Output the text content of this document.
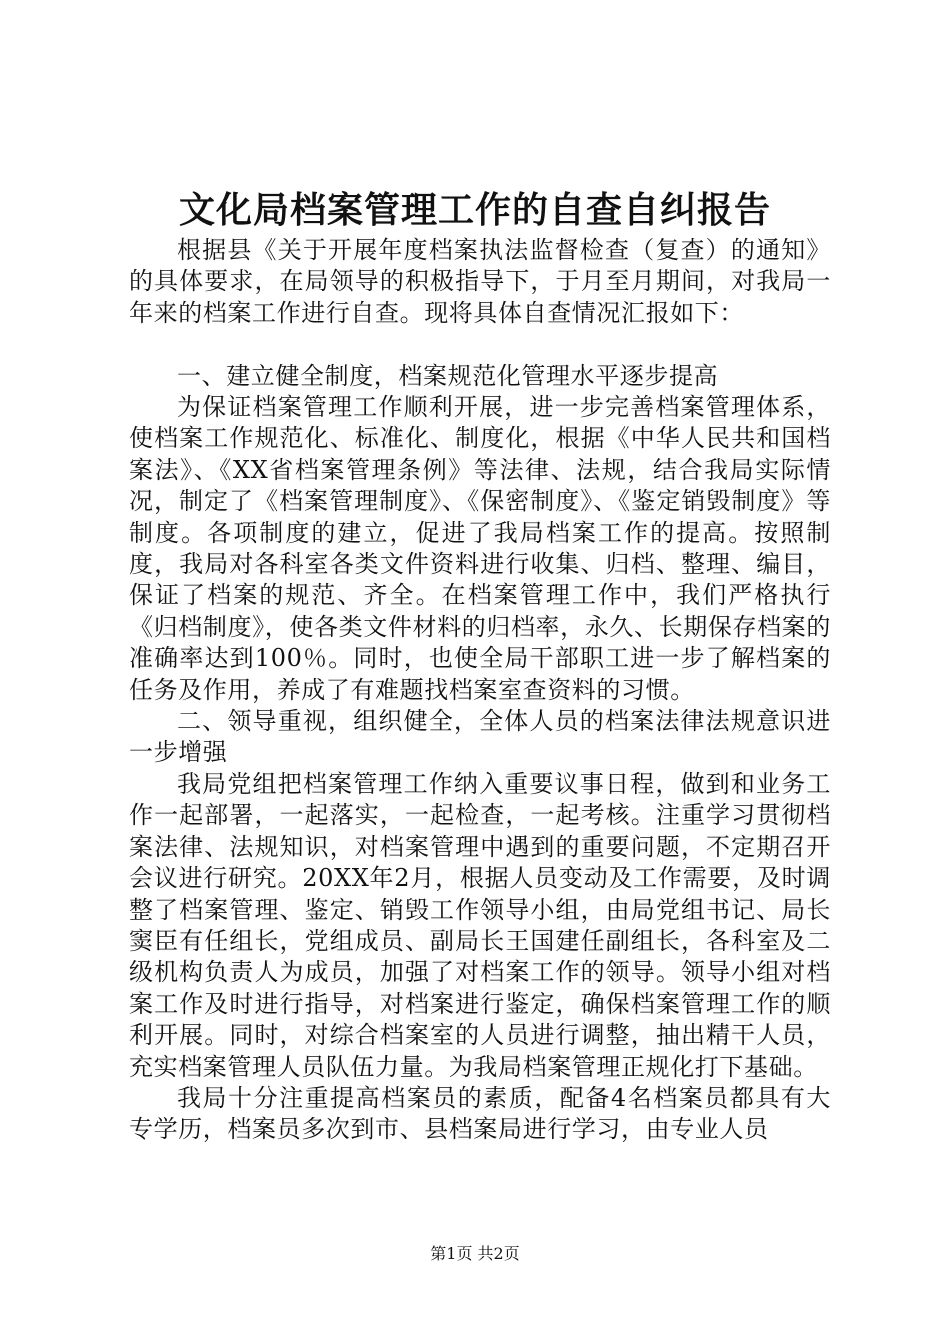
文化局档案管理工作的自查自纠报告

根据县《关于开展年度档案执法监督检查（复查）的通知》的具体要求，在局领导的积极指导下，于月至月期间，对我局一年来的档案工作进行自查。现将具体自查情况汇报如下：

一、建立健全制度，档案规范化管理水平逐步提高

为保证档案管理工作顺利开展，进一步完善档案管理体系，使档案工作规范化、标准化、制度化，根据《中华人民共和国档案法》、《XX省档案管理条例》等法律、法规，结合我局实际情况，制定了《档案管理制度》、《保密制度》、《鉴定销毁制度》等制度。各项制度的建立，促进了我局档案工作的提高。按照制度，我局对各科室各类文件资料进行收集、归档、整理、编目，保证了档案的规范、齐全。在档案管理工作中，我们严格执行《归档制度》，使各类文件材料的归档率，永久、长期保存档案的准确率达到100％。同时，也使全局干部职工进一步了解档案的任务及作用，养成了有难题找档案室查资料的习惯。

二、领导重视，组织健全，全体人员的档案法律法规意识进一步增强

我局党组把档案管理工作纳入重要议事日程，做到和业务工作一起部署，一起落实，一起检查，一起考核。注重学习贯彻档案法律、法规知识，对档案管理中遇到的重要问题，不定期召开会议进行研究。20XX年2月，根据人员变动及工作需要，及时调整了档案管理、鉴定、销毁工作领导小组，由局党组书记、局长窦臣有任组长，党组成员、副局长王国建任副组长，各科室及二级机构负责人为成员，加强了对档案工作的领导。领导小组对档案工作及时进行指导，对档案进行鉴定，确保档案管理工作的顺利开展。同时，对综合档案室的人员进行调整，抽出精干人员，充实档案管理人员队伍力量。为我局档案管理正规化打下基础。

我局十分注重提高档案员的素质，配备4名档案员都具有大专学历，档案员多次到市、县档案局进行学习，由专业人员

第1页 共2页
